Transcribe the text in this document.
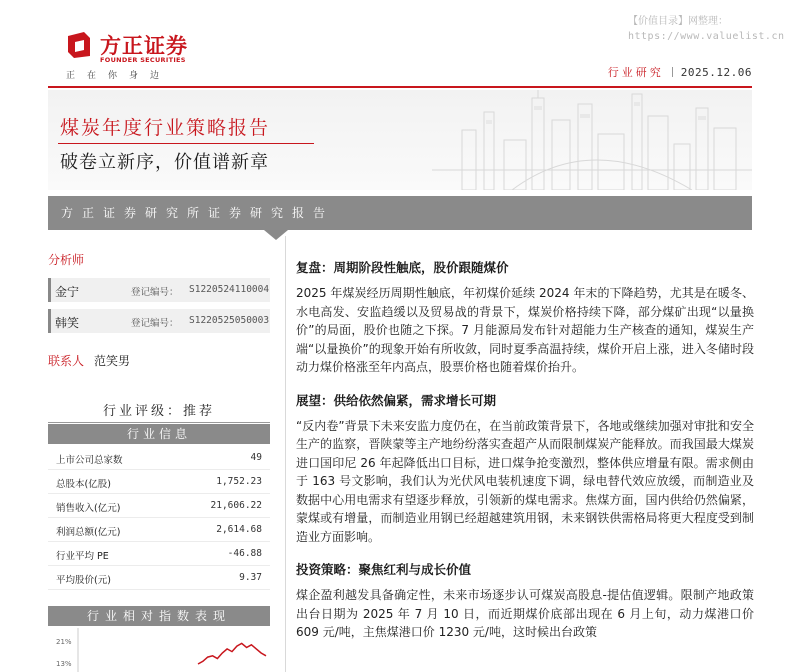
【价值目录】网整理：
https://www.valuelist.cn
方正证券
FOUNDER SECURITIES
正在你身边	行业研究 2025.12.06
煤炭年度行业策略报告
破卷立新序，价值谱新章
方正证券研究所证券研究报告
分析师
金宁	登记编号： S1220524110004
韩笑	登记编号： S1220525050003
联系人 范笑男
行业评级：推荐
行业信息
上市公司总家数	49
总股本(亿股)	1,752.23
销售收入(亿元)	21,606.22
利润总额(亿元)	2,614.68
行业平均 PE	-46.88
平均股价(元)	9.37
行业相对指数表现
21%
13%
复盘：周期阶段性触底，股价跟随煤价

2025 年煤炭经历周期性触底，年初煤价延续 2024 年末的下降趋势，尤其是在暖冬、水电高发、安监趋缓以及贸易战的背景下，煤炭价格持续下降，部分煤矿出现“以量换价”的局面，股价也随之下探。7 月能源局发布针对超能力生产核查的通知，煤炭生产端“以量换价”的现象开始有所收敛，同时夏季高温持续，煤价开启上涨，进入冬储时段动力煤价格涨至年内高点，股票价格也随着煤价抬升。

展望：供给依然偏紧，需求增长可期

“反内卷”背景下未来安监力度仍在，在当前政策背景下，各地或继续加强对审批和安全生产的监察，晋陕蒙等主产地纷纷落实查超产从而限制煤炭产能释放。而我国最大煤炭进口国印尼 26 年起降低出口目标，进口煤争抢变激烈，整体供应增量有限。需求侧由于 163 号文影响，我们认为光伏风电装机速度下调，绿电替代效应放缓，而制造业及数据中心用电需求有望逐步释放，引领新的煤电需求。焦煤方面，国内供给仍然偏紧，蒙煤或有增量，而制造业用钢已经超越建筑用钢，未来钢铁供需格局将更大程度受到制造业方面影响。

投资策略：聚焦红利与成长价值

煤企盈利越发具备确定性，未来市场逐步认可煤炭高股息-提估值逻辑。限制产地政策出台日期为 2025 年 7 月 10 日，而近期煤价底部出现在 6 月上旬，动力煤港口价 609 元/吨，主焦煤港口价 1230 元/吨，这时候出台政策
